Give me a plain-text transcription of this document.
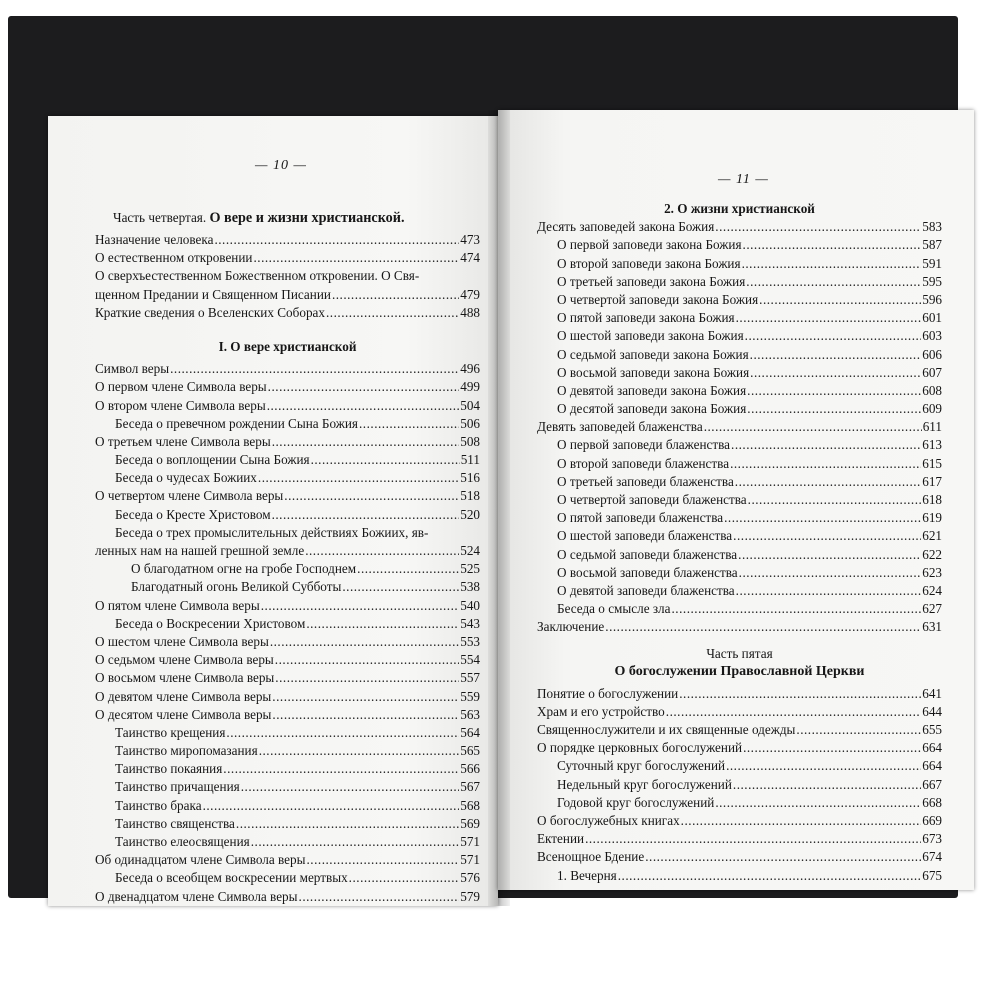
— 10 —
— 11 —
Часть четвертая. О вере и жизни христианской.
Назначение человека .....	473
О естественном откровении .....	474
О сверхъестественном Божественном откровении. О Свя-
щенном Предании и Священном Писании .....	479
Краткие сведения о Вселенских Соборах .....	488
I. О вере христианской
Символ веры .....	496
О первом члене Символа веры .....	499
О втором члене Символа веры .....	504
Беседа о превечном рождении Сына Божия .....	506
О третьем члене Символа веры .....	508
Беседа о воплощении Сына Божия .....	511
Беседа о чудесах Божиих .....	516
О четвертом члене Символа веры .....	518
Беседа о Кресте Христовом .....	520
Беседа о трех промыслительных действиях Божиих, яв-
ленных нам на нашей грешной земле .....	524
О благодатном огне на гробе Господнем .....	525
Благодатный огонь Великой Субботы .....	538
О пятом члене Символа веры .....	540
Беседа о Воскресении Христовом .....	543
О шестом члене Символа веры .....	553
О седьмом члене Символа веры .....	554
О восьмом члене Символа веры .....	557
О девятом члене Символа веры .....	559
О десятом члене Символа веры .....	563
Таинство крещения .....	564
Таинство миропомазания .....	565
Таинство покаяния .....	566
Таинство причащения .....	567
Таинство брака .....	568
Таинство священства .....	569
Таинство елеосвящения .....	571
Об одинадцатом члене Символа веры .....	571
Беседа о всеобщем воскресении мертвых .....	576
О двенадцатом члене Символа веры .....	579
2. О жизни христианской
Десять заповедей закона Божия .....	583
О первой заповеди закона Божия .....	587
О второй заповеди закона Божия .....	591
О третьей заповеди закона Божия .....	595
О четвертой заповеди закона Божия .....	596
О пятой заповеди закона Божия .....	601
О шестой заповеди закона Божия .....	603
О седьмой заповеди закона Божия .....	606
О восьмой заповеди закона Божия .....	607
О девятой заповеди закона Божия .....	608
О десятой заповеди закона Божия .....	609
Девять заповедей блаженства .....	611
О первой заповеди блаженства .....	613
О второй заповеди блаженства .....	615
О третьей заповеди блаженства .....	617
О четвертой заповеди блаженства .....	618
О пятой заповеди блаженства .....	619
О шестой заповеди блаженства .....	621
О седьмой заповеди блаженства .....	622
О восьмой заповеди блаженства .....	623
О девятой заповеди блаженства .....	624
Беседа о смысле зла .....	627
Заключение .....	631
Часть пятая
О богослужении Православной Церкви
Понятие о богослужении .....	641
Храм и его устройство .....	644
Священнослужители и их священные одежды .....	655
О порядке церковных богослужений .....	664
Суточный круг богослужений .....	664
Недельный круг богослужений .....	667
Годовой круг богослужений .....	668
О богослужебных книгах .....	669
Ектении .....	673
Всенощное Бдение .....	674
1. Вечерня .....	675
